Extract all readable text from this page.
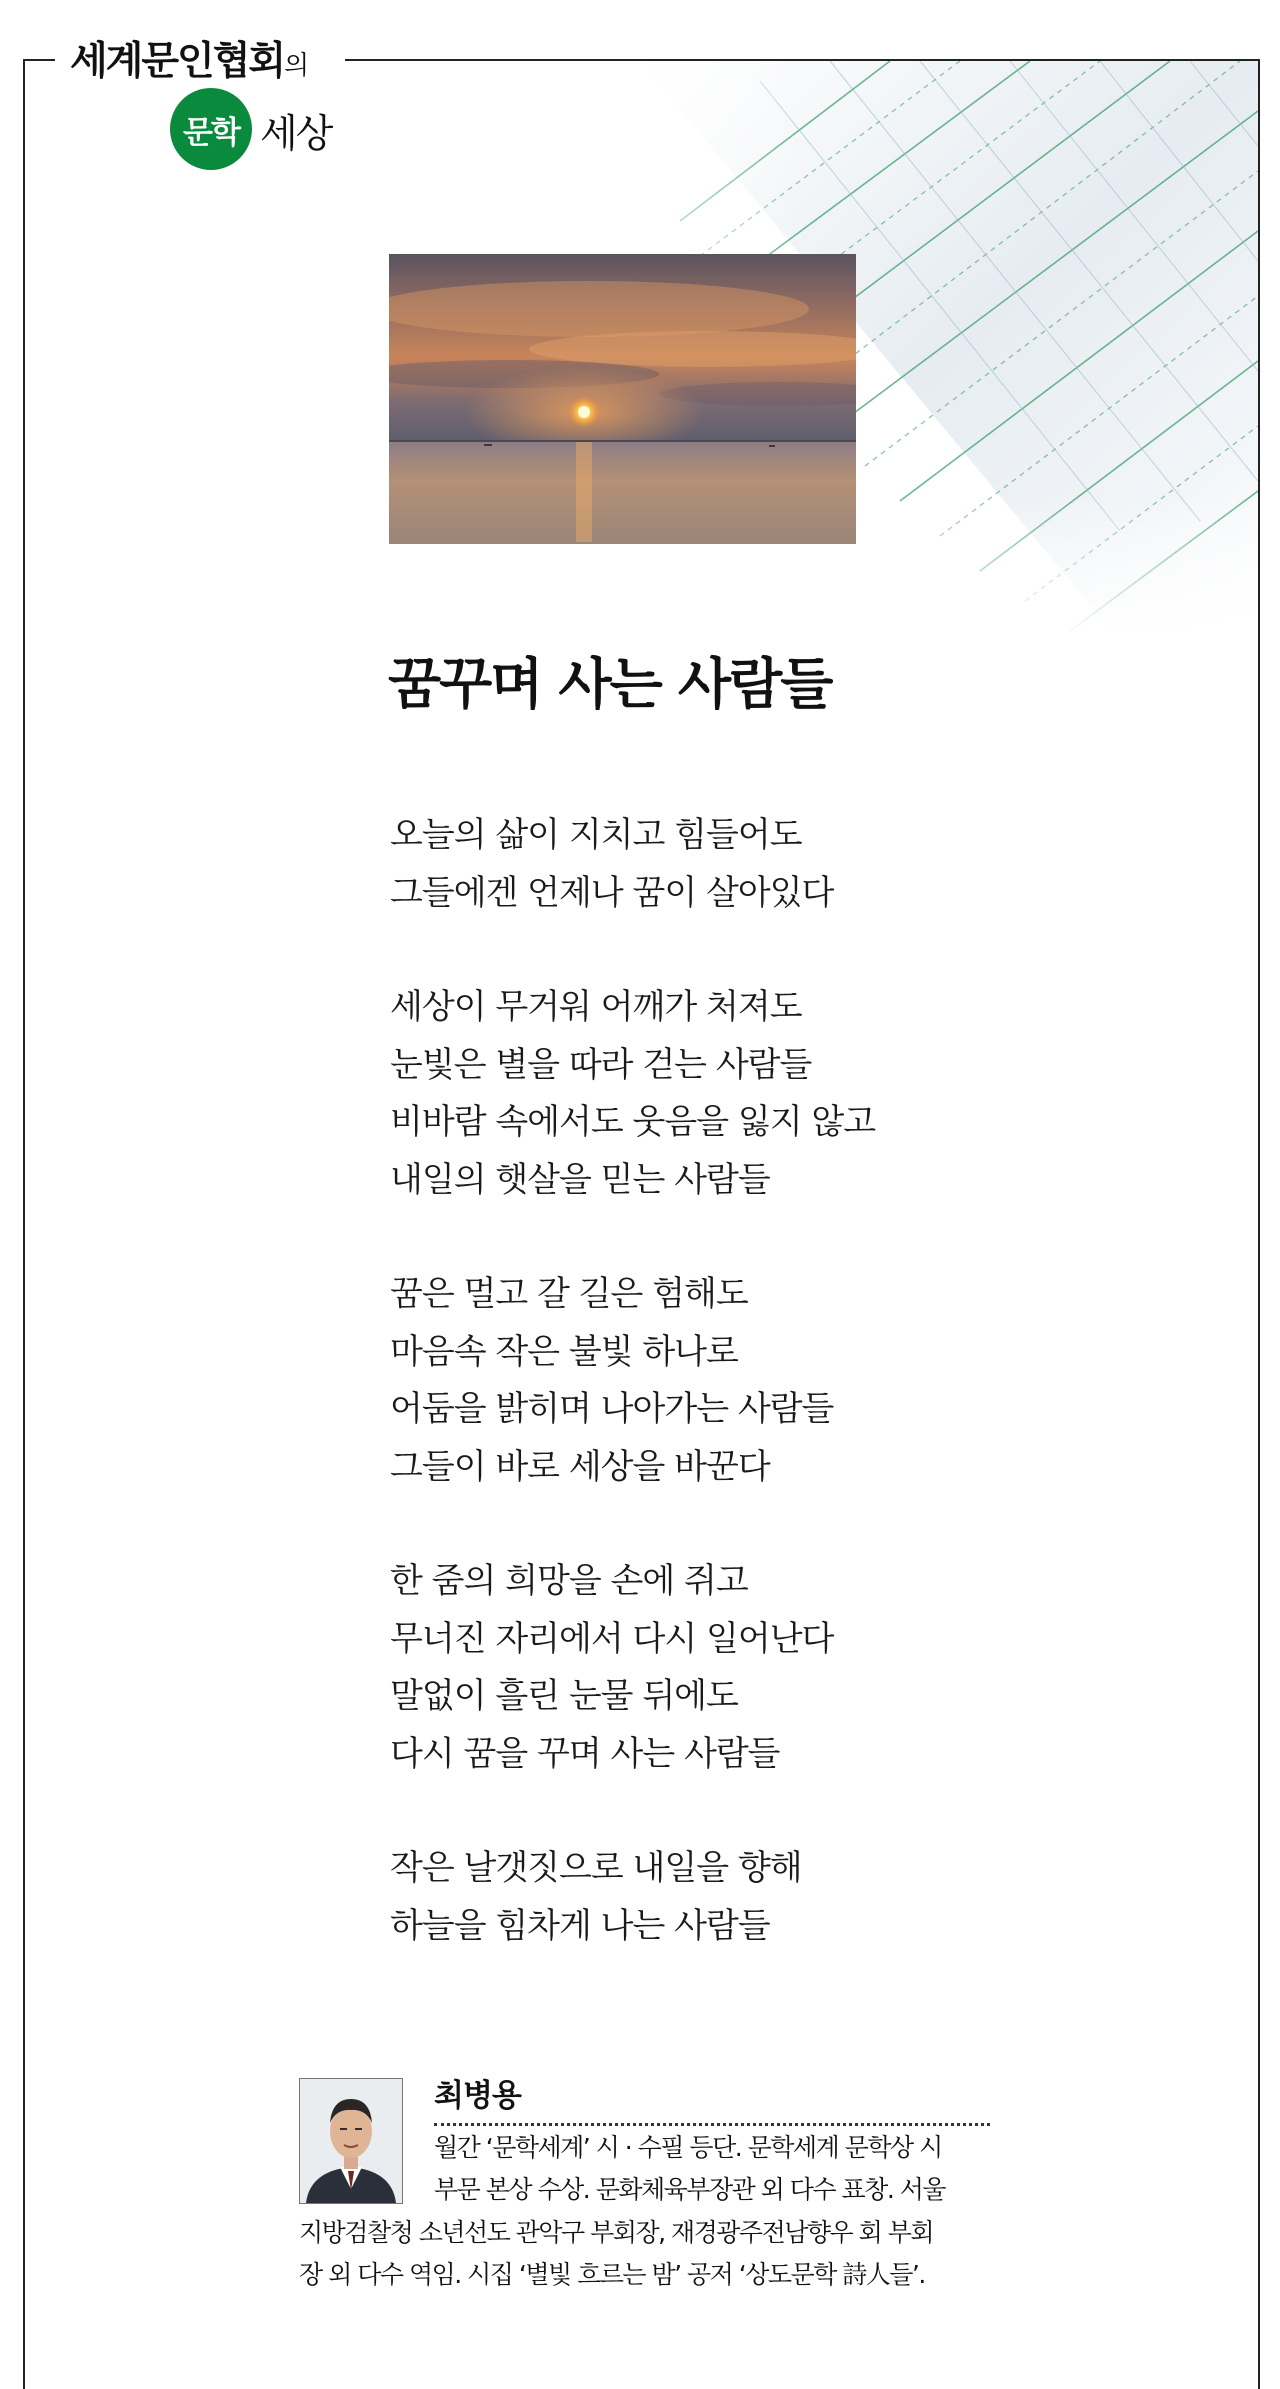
세계문인협회의
문학 세상
꿈꾸며 사는 사람들
오늘의 삶이 지치고 힘들어도
그들에겐 언제나 꿈이 살아있다
세상이 무거워 어깨가 처져도
눈빛은 별을 따라 걷는 사람들
비바람 속에서도 웃음을 잃지 않고
내일의 햇살을 믿는 사람들
꿈은 멀고 갈 길은 험해도
마음속 작은 불빛 하나로
어둠을 밝히며 나아가는 사람들
그들이 바로 세상을 바꾼다
한 줌의 희망을 손에 쥐고
무너진 자리에서 다시 일어난다
말없이 흘린 눈물 뒤에도
다시 꿈을 꾸며 사는 사람들
작은 날갯짓으로 내일을 향해
하늘을 힘차게 나는 사람들
최병용
월간 ‘문학세계’ 시 · 수필 등단. 문학세계 문학상 시
부문 본상 수상. 문화체육부장관 외 다수 표창. 서울
지방검찰청 소년선도 관악구 부회장, 재경광주전남향우 회 부회
장 외 다수 역임. 시집 ‘별빛 흐르는 밤’ 공저 ‘상도문학 詩人들’.
